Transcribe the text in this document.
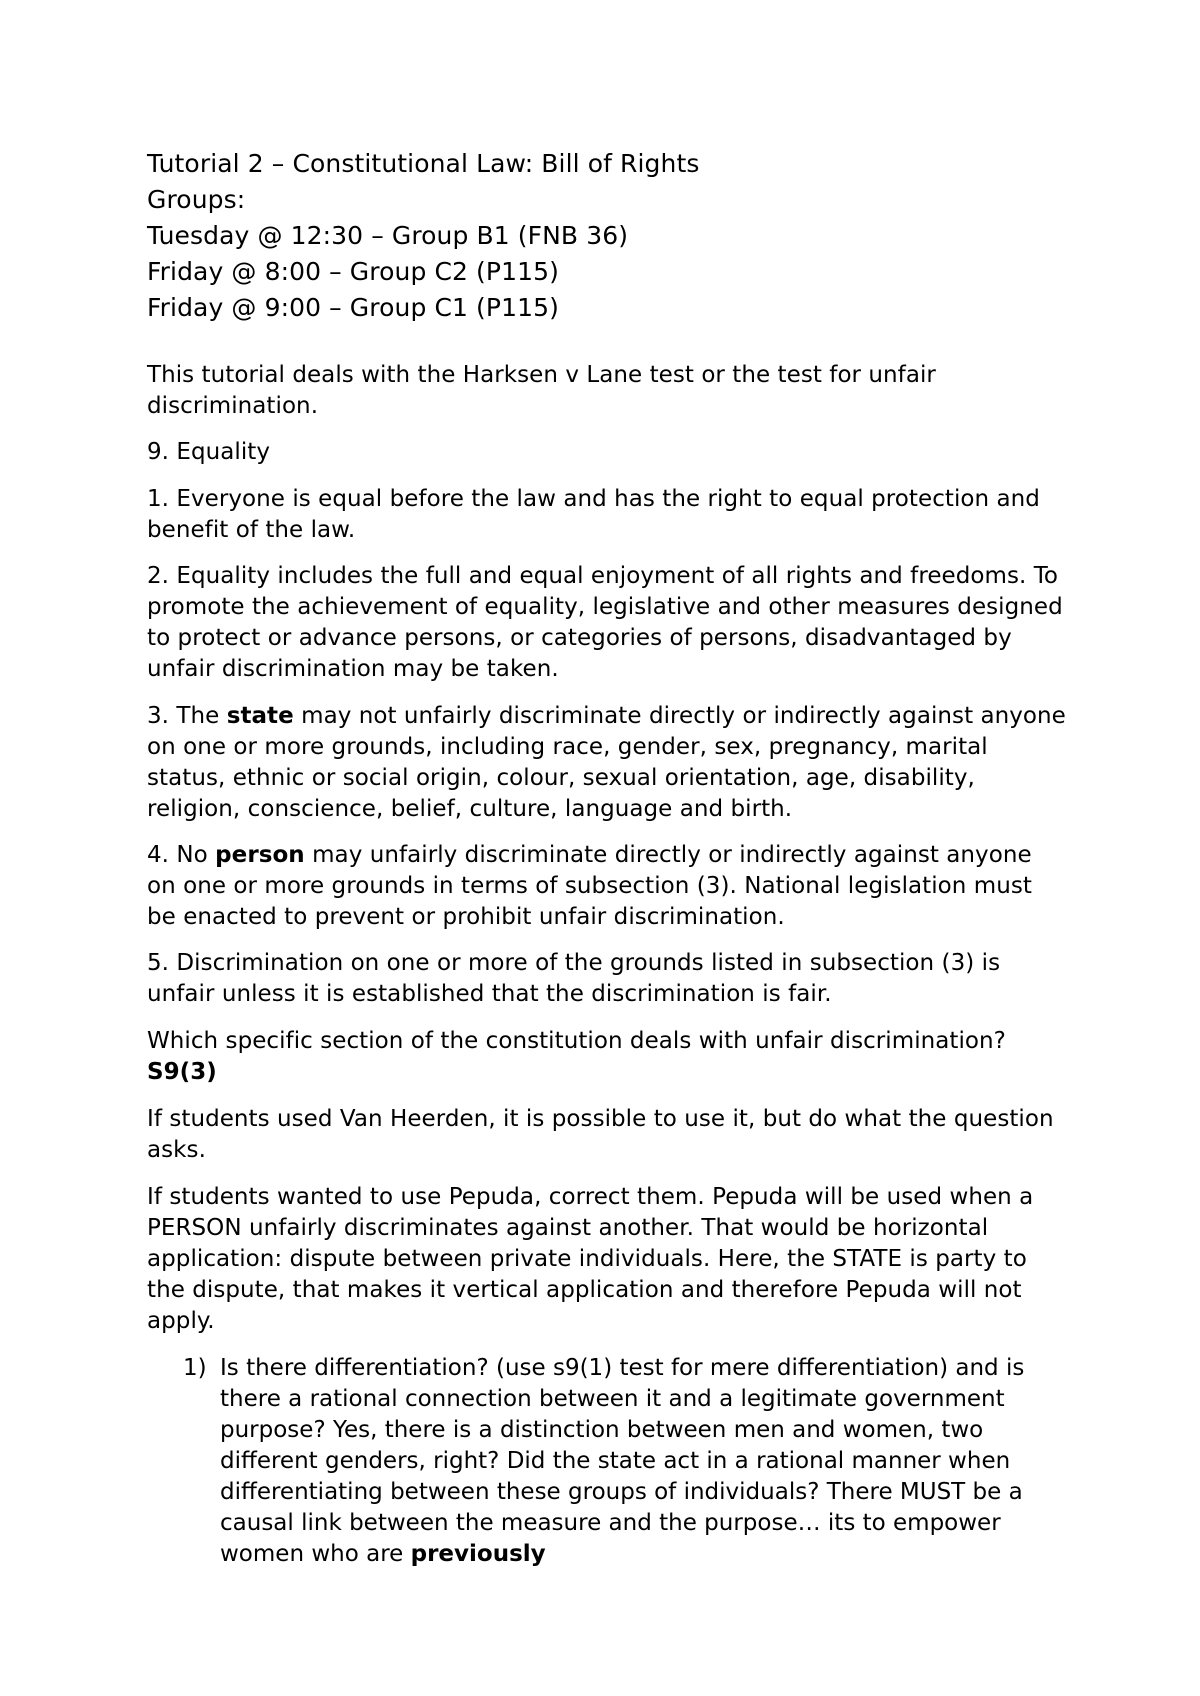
Tutorial 2 – Constitutional Law: Bill of Rights
Groups:
Tuesday @ 12:30 – Group B1 (FNB 36)
Friday @ 8:00 – Group C2 (P115)
Friday @ 9:00 – Group C1 (P115)
This tutorial deals with the Harksen v Lane test or the test for unfair discrimination.
9. Equality
1. Everyone is equal before the law and has the right to equal protection and benefit of the law.
2. Equality includes the full and equal enjoyment of all rights and freedoms. To promote the achievement of equality, legislative and other measures designed to protect or advance persons, or categories of persons, disadvantaged by unfair discrimination may be taken.
3. The state may not unfairly discriminate directly or indirectly against anyone on one or more grounds, including race, gender, sex, pregnancy, marital status, ethnic or social origin, colour, sexual orientation, age, disability, religion, conscience, belief, culture, language and birth.
4. No person may unfairly discriminate directly or indirectly against anyone on one or more grounds in terms of subsection (3). National legislation must be enacted to prevent or prohibit unfair discrimination.
5. Discrimination on one or more of the grounds listed in subsection (3) is unfair unless it is established that the discrimination is fair.
Which specific section of the constitution deals with unfair discrimination?
S9(3)
If students used Van Heerden, it is possible to use it, but do what the question asks.
If students wanted to use Pepuda, correct them. Pepuda will be used when a PERSON unfairly discriminates against another. That would be horizontal application: dispute between private individuals. Here, the STATE is party to the dispute, that makes it vertical application and therefore Pepuda will not apply.
1) Is there differentiation? (use s9(1) test for mere differentiation) and is there a rational connection between it and a legitimate government purpose? Yes, there is a distinction between men and women, two different genders, right? Did the state act in a rational manner when differentiating between these groups of individuals? There MUST be a causal link between the measure and the purpose… its to empower women who are previously
